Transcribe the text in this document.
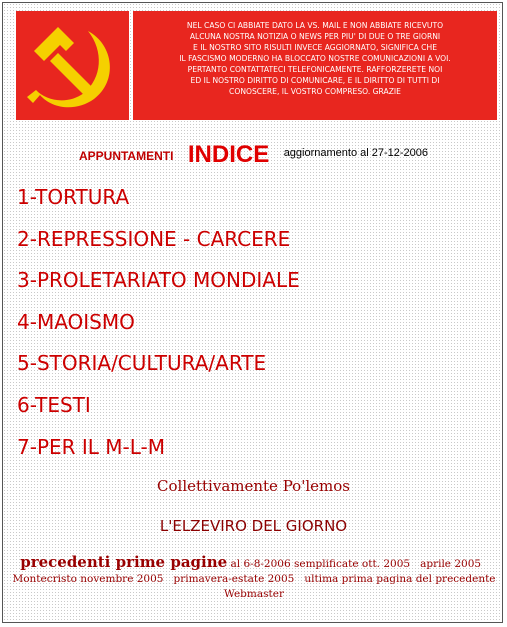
NEL CASO CI ABBIATE DATO LA VS. MAIL E NON ABBIATE RICEVUTO
ALCUNA NOSTRA NOTIZIA O NEWS PER PIU' DI DUE O TRE GIORNI
E IL NOSTRO SITO RISULTI INVECE AGGIORNATO, SIGNIFICA CHE
IL FASCISMO MODERNO HA BLOCCATO NOSTRE COMUNICAZIONI A VOI.
PERTANTO CONTATTATECI TELEFONICAMENTE. RAFFORZERETE NOI
ED IL NOSTRO DIRITTO DI COMUNICARE, E IL DIRITTO DI TUTTI DI
CONOSCERE, IL VOSTRO COMPRESO. GRAZIE
APPUNTAMENTI INDICE $^{aggiornamento al 27-12-2006}$
1-TORTURA
2-REPRESSIONE - CARCERE
3-PROLETARIATO MONDIALE
4-MAOISMO
5-STORIA/CULTURA/ARTE
6-TESTI
7-PER IL M-L-M
Collettivamente Po'lemos
L'ELZEVIRO DEL GIORNO
precedenti prime pagine al 6-8-2006 semplificate ott. 2005 aprile 2005   Montecristo novembre 2005 primavera-estate 2005 ultima prima pagina del precedente Webmaster
